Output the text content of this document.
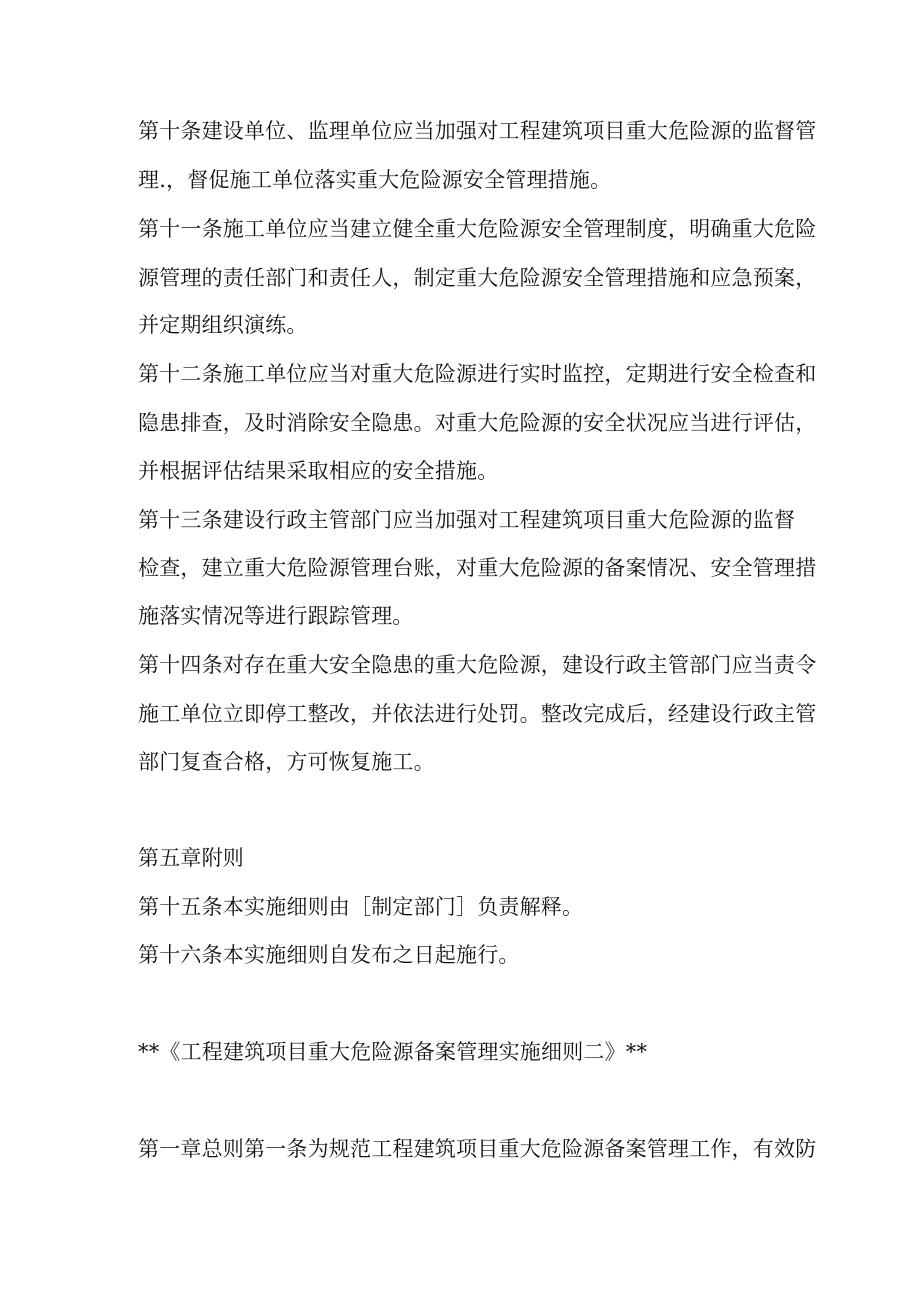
第十条建设单位、监理单位应当加强对工程建筑项目重大危险源的监督管
理.，督促施工单位落实重大危险源安全管理措施。
第十一条施工单位应当建立健全重大危险源安全管理制度，明确重大危险
源管理的责任部门和责任人，制定重大危险源安全管理措施和应急预案，
并定期组织演练。
第十二条施工单位应当对重大危险源进行实时监控，定期进行安全检查和
隐患排查，及时消除安全隐患。对重大危险源的安全状况应当进行评估，
并根据评估结果采取相应的安全措施。
第十三条建设行政主管部门应当加强对工程建筑项目重大危险源的监督
检查，建立重大危险源管理台账，对重大危险源的备案情况、安全管理措
施落实情况等进行跟踪管理。
第十四条对存在重大安全隐患的重大危险源，建设行政主管部门应当责令
施工单位立即停工整改，并依法进行处罚。整改完成后，经建设行政主管
部门复查合格，方可恢复施工。
第五章附则
第十五条本实施细则由［制定部门］负责解释。
第十六条本实施细则自发布之日起施行。
**《工程建筑项目重大危险源备案管理实施细则二》**
第一章总则第一条为规范工程建筑项目重大危险源备案管理工作，有效防
